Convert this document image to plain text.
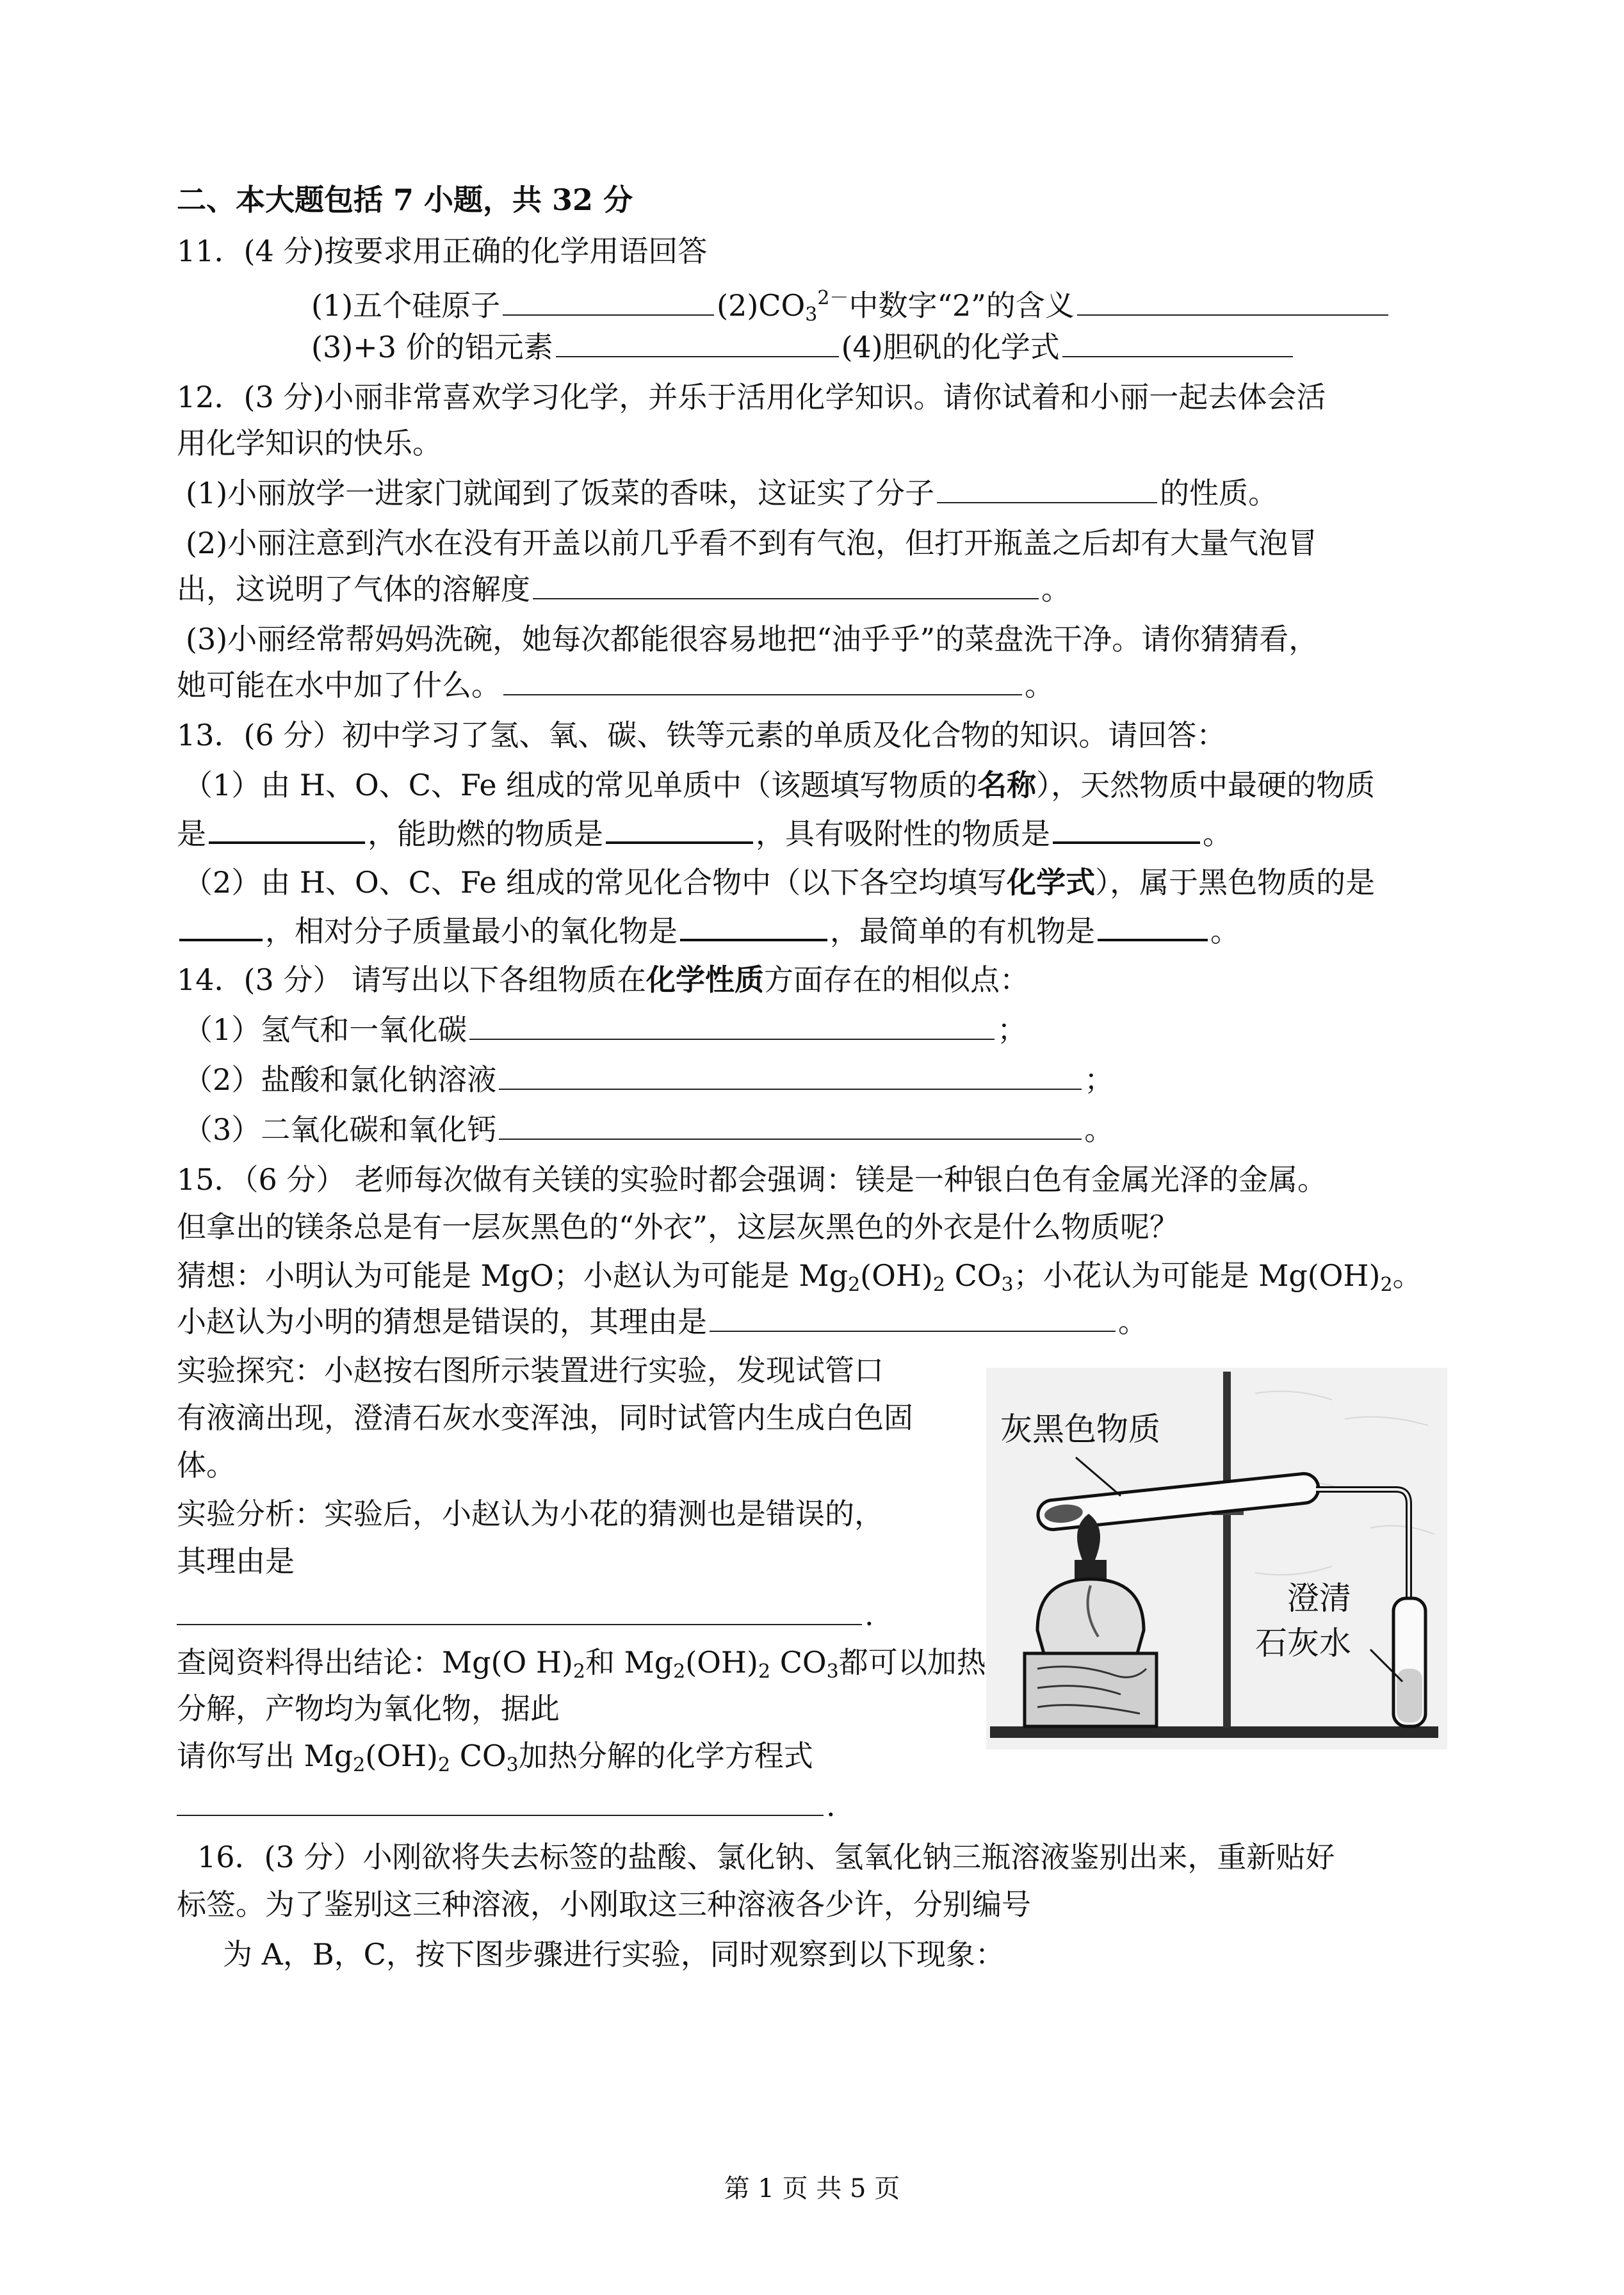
二、本大题包括 7 小题，共 32 分
11．(4 分)按要求用正确的化学用语回答
(1)五个硅原子	$(2)CO_3^{2-}$中数字“2”的含义
(3)+3 价的铝元素	(4)胆矾的化学式
12．(3 分)小丽非常喜欢学习化学，并乐于活用化学知识。请你试着和小丽一起去体会活
用化学知识的快乐。
(1)小丽放学一进家门就闻到了饭菜的香味，这证实了分子	的性质。
(2)小丽注意到汽水在没有开盖以前几乎看不到有气泡，但打开瓶盖之后却有大量气泡冒
出，这说明了气体的溶解度	。
(3)小丽经常帮妈妈洗碗，她每次都能很容易地把“油乎乎”的菜盘洗干净。请你猜猜看，
她可能在水中加了什么。	。
13．(6 分）初中学习了氢、氧、碳、铁等元素的单质及化合物的知识。请回答：
（1）由 H、O、C、Fe 组成的常见单质中（该题填写物质的名称），天然物质中最硬的物质
是	，能助燃的物质是	，具有吸附性的物质是	。
（2）由 H、O、C、Fe 组成的常见化合物中（以下各空均填写化学式），属于黑色物质的是
，相对分子质量最小的氧化物是	，最简单的有机物是	。
14．(3 分） 请写出以下各组物质在化学性质方面存在的相似点：
（1）氢气和一氧化碳	；
（2）盐酸和氯化钠溶液	；
（3）二氧化碳和氧化钙	。
15．（6 分） 老师每次做有关镁的实验时都会强调：镁是一种银白色有金属光泽的金属。
但拿出的镁条总是有一层灰黑色的“外衣”，这层灰黑色的外衣是什么物质呢？
猜想：小明认为可能是 MgO；小赵认为可能是 $Mg_2(OH)_2$ $CO_3$；小花认为可能是 $Mg(OH)_2$。
小赵认为小明的猜想是错误的，其理由是	。
实验探究：小赵按右图所示装置进行实验，发现试管口
有液滴出现，澄清石灰水变浑浊，同时试管内生成白色固
体。
实验分析：实验后，小赵认为小花的猜测也是错误的，
其理由是
.
查阅资料得出结论：Mg(O $H)_2$和 $Mg_2(OH)_2$ $CO_3$都可以加热
分解，产物均为氧化物，据此
请你写出 $Mg_2(OH)_2$ $CO_3$加热分解的化学方程式
.
灰黑色物质
澄清
石灰水
16．(3 分）小刚欲将失去标签的盐酸、氯化钠、氢氧化钠三瓶溶液鉴别出来，重新贴好
标签。为了鉴别这三种溶液，小刚取这三种溶液各少许，分别编号
为 A，B，C，按下图步骤进行实验，同时观察到以下现象：
第 1 页 共 5 页
